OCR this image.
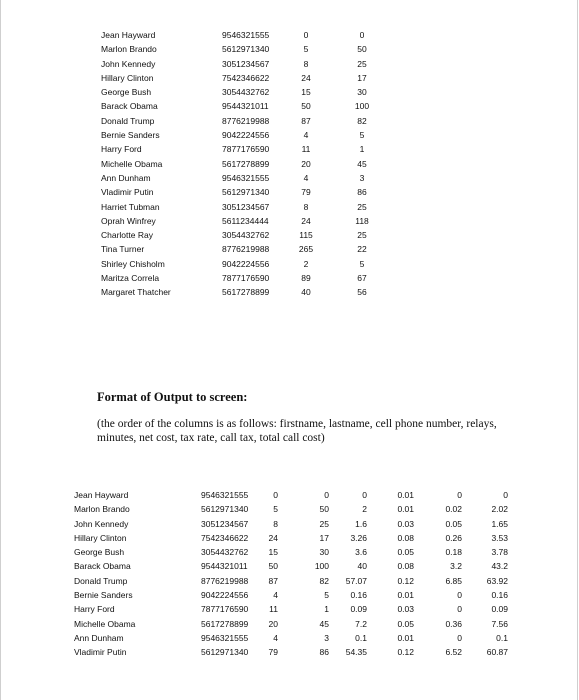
Jean Hayward	9546321555	0	0
Marlon Brando	5612971340	5	50
John Kennedy	3051234567	8	25
Hillary Clinton	7542346622	24	17
George Bush	3054432762	15	30
Barack Obama	9544321011	50	100
Donald Trump	8776219988	87	82
Bernie Sanders	9042224556	4	5
Harry Ford	7877176590	11	1
Michelle Obama	5617278899	20	45
Ann Dunham	9546321555	4	3
Vladimir Putin	5612971340	79	86
Harriet Tubman	3051234567	8	25
Oprah Winfrey	5611234444	24	118
Charlotte Ray	3054432762	115	25
Tina Turner	8776219988	265	22
Shirley Chisholm	9042224556	2	5
Maritza Correla	7877176590	89	67
Margaret Thatcher	5617278899	40	56
Format of Output to screen:
(the order of the columns is as follows: firstname, lastname, cell phone number, relays, minutes, net cost, tax rate, call tax, total call cost)
Jean Hayward	9546321555	0	0	0	0.01	0	0
Marlon Brando	5612971340	5	50	2	0.01	0.02	2.02
John Kennedy	3051234567	8	25	1.6	0.03	0.05	1.65
Hillary Clinton	7542346622	24	17	3.26	0.08	0.26	3.53
George Bush	3054432762	15	30	3.6	0.05	0.18	3.78
Barack Obama	9544321011	50	100	40	0.08	3.2	43.2
Donald Trump	8776219988	87	82	57.07	0.12	6.85	63.92
Bernie Sanders	9042224556	4	5	0.16	0.01	0	0.16
Harry Ford	7877176590	11	1	0.09	0.03	0	0.09
Michelle Obama	5617278899	20	45	7.2	0.05	0.36	7.56
Ann Dunham	9546321555	4	3	0.1	0.01	0	0.1
Vladimir Putin	5612971340	79	86	54.35	0.12	6.52	60.87
